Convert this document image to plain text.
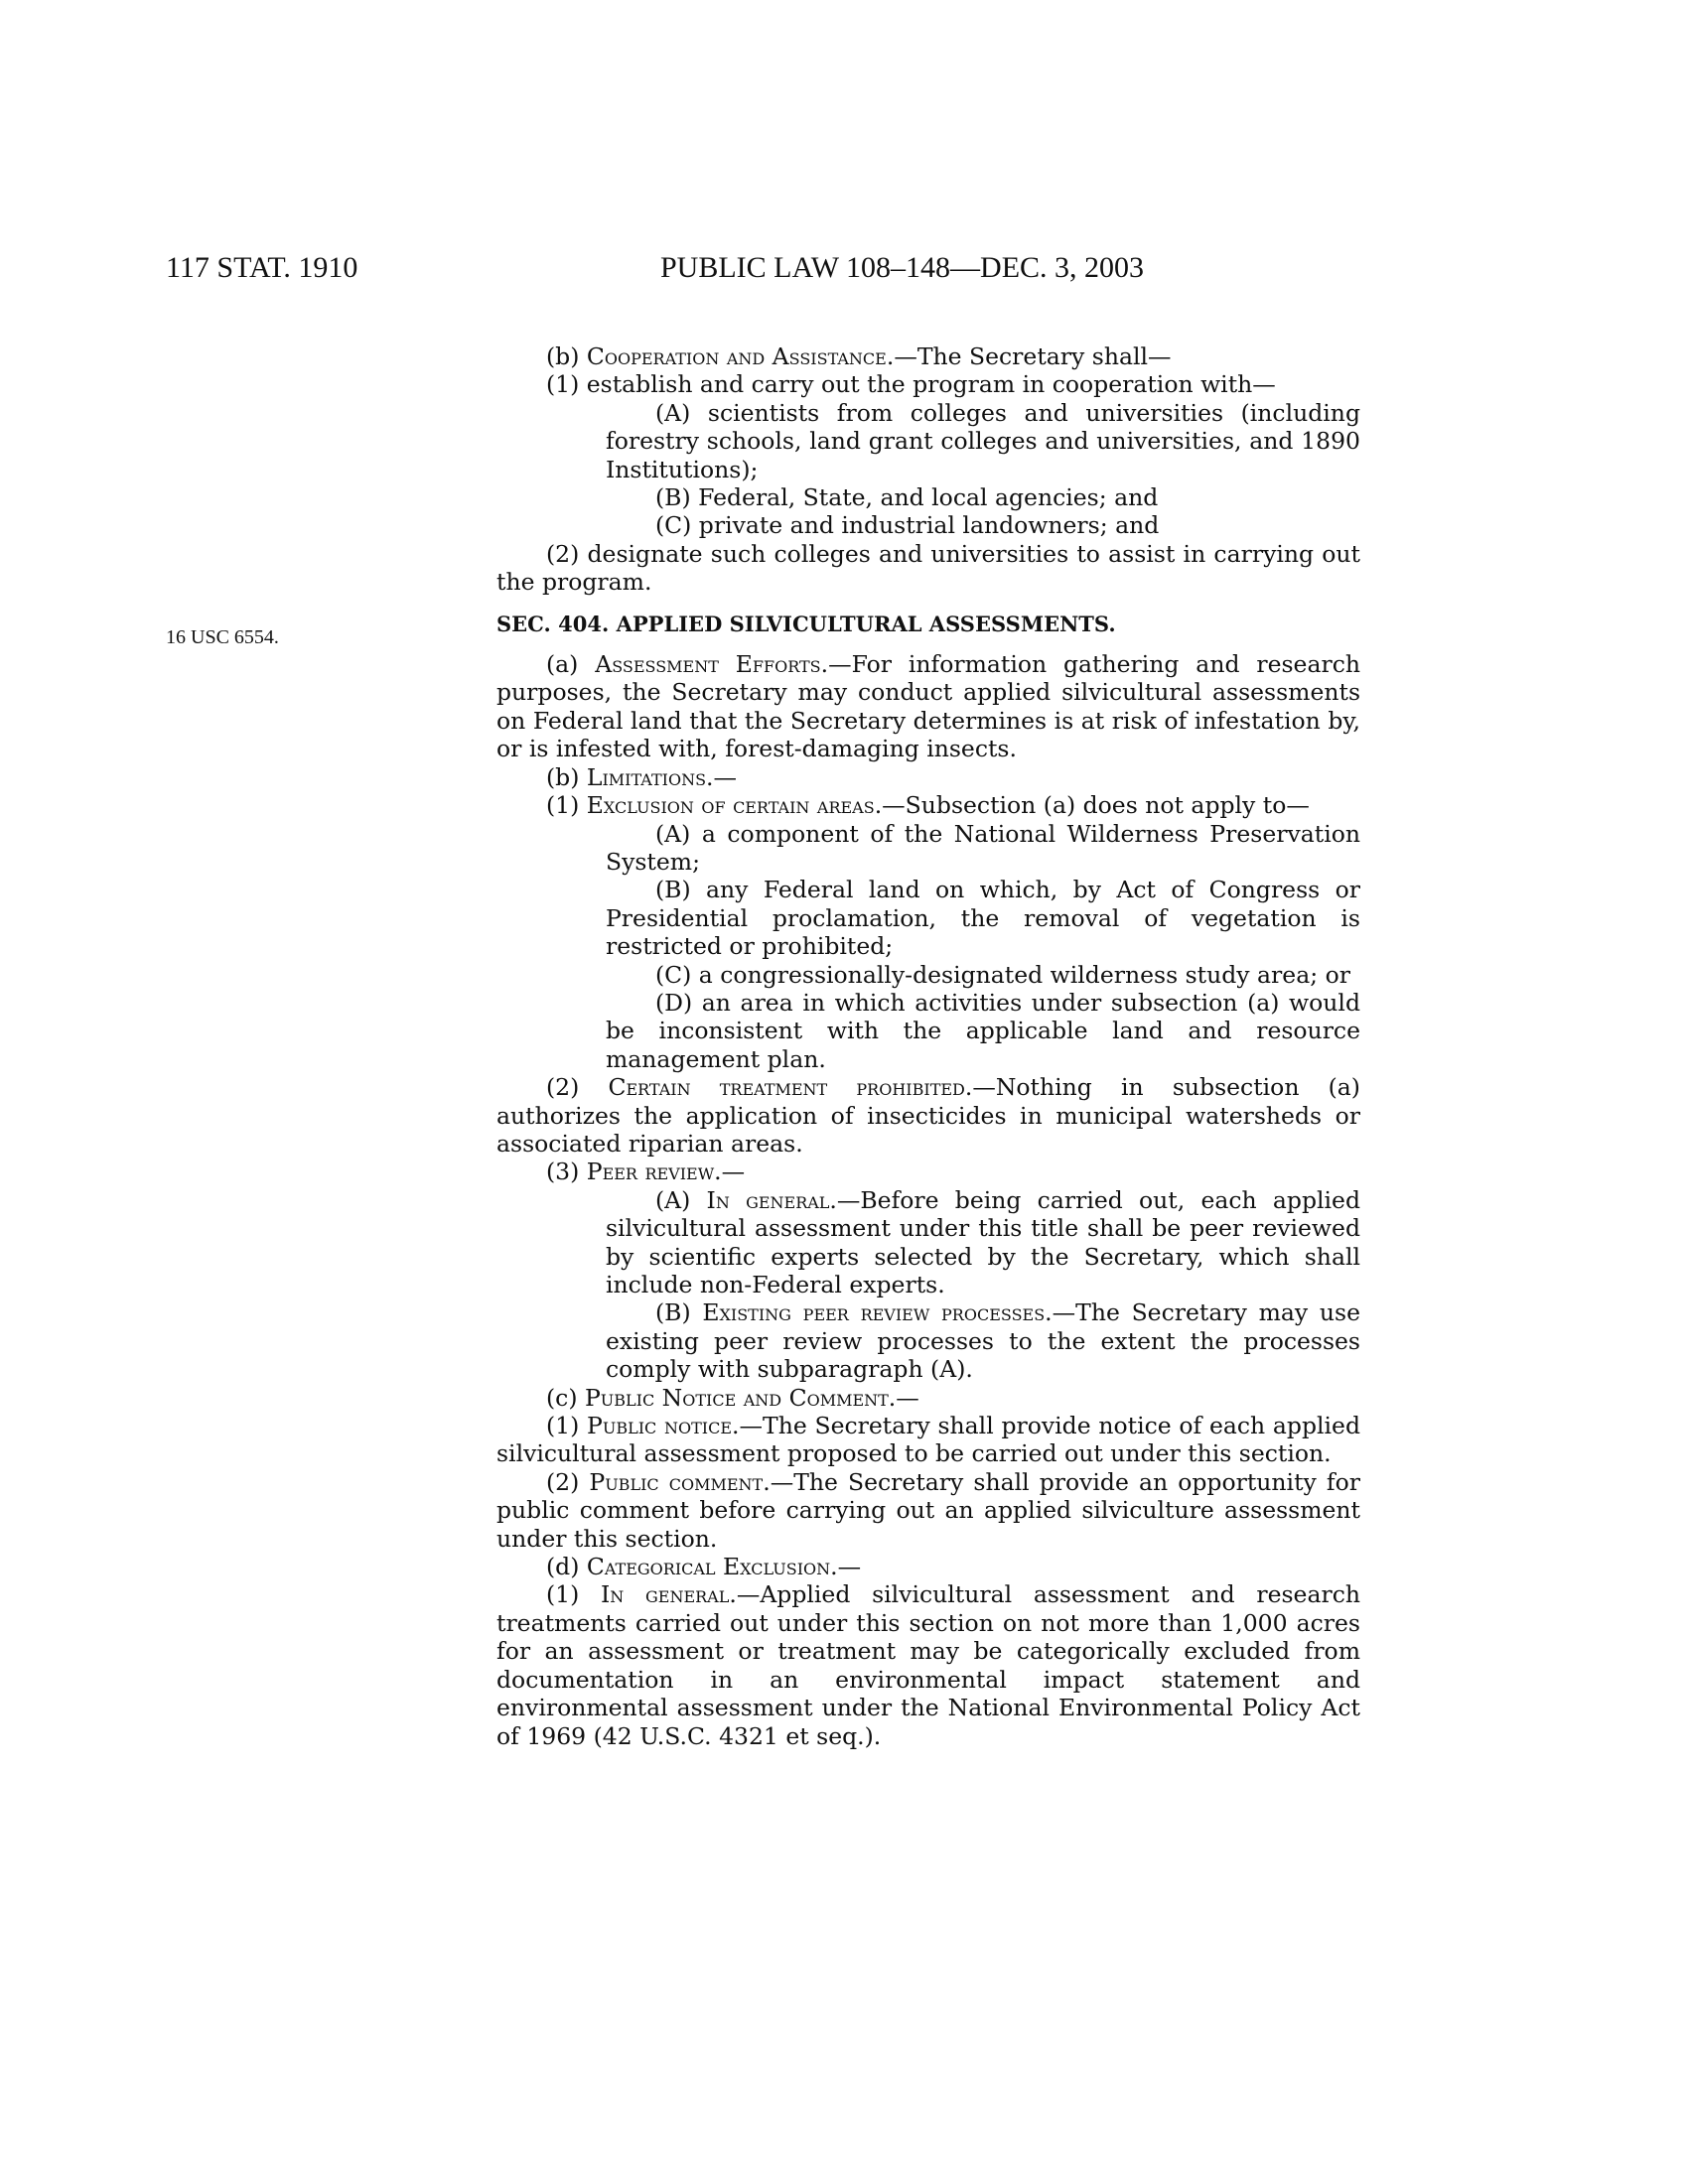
117 STAT. 1910	PUBLIC LAW 108–148—DEC. 3, 2003
16 USC 6554.

(b) Cooperation and Assistance.—The Secretary shall—

(1) establish and carry out the program in cooperation with—

(A) scientists from colleges and universities (including forestry schools, land grant colleges and universities, and 1890 Institutions);

(B) Federal, State, and local agencies; and

(C) private and industrial landowners; and

(2) designate such colleges and universities to assist in carrying out the program.

SEC. 404. APPLIED SILVICULTURAL ASSESSMENTS.

(a) Assessment Efforts.—For information gathering and research purposes, the Secretary may conduct applied silvicultural assessments on Federal land that the Secretary determines is at risk of infestation by, or is infested with, forest-damaging insects.

(b) Limitations.—

(1) Exclusion of certain areas.—Subsection (a) does not apply to—

(A) a component of the National Wilderness Preservation System;

(B) any Federal land on which, by Act of Congress or Presidential proclamation, the removal of vegetation is restricted or prohibited;

(C) a congressionally-designated wilderness study area; or

(D) an area in which activities under subsection (a) would be inconsistent with the applicable land and resource management plan.

(2) Certain treatment prohibited.—Nothing in subsection (a) authorizes the application of insecticides in municipal watersheds or associated riparian areas.

(3) Peer review.—

(A) In general.—Before being carried out, each applied silvicultural assessment under this title shall be peer reviewed by scientific experts selected by the Secretary, which shall include non-Federal experts.

(B) Existing peer review processes.—The Secretary may use existing peer review processes to the extent the processes comply with subparagraph (A).

(c) Public Notice and Comment.—

(1) Public notice.—The Secretary shall provide notice of each applied silvicultural assessment proposed to be carried out under this section.

(2) Public comment.—The Secretary shall provide an opportunity for public comment before carrying out an applied silviculture assessment under this section.

(d) Categorical Exclusion.—

(1) In general.—Applied silvicultural assessment and research treatments carried out under this section on not more than 1,000 acres for an assessment or treatment may be categorically excluded from documentation in an environmental impact statement and environmental assessment under the National Environmental Policy Act of 1969 (42 U.S.C. 4321 et seq.).
